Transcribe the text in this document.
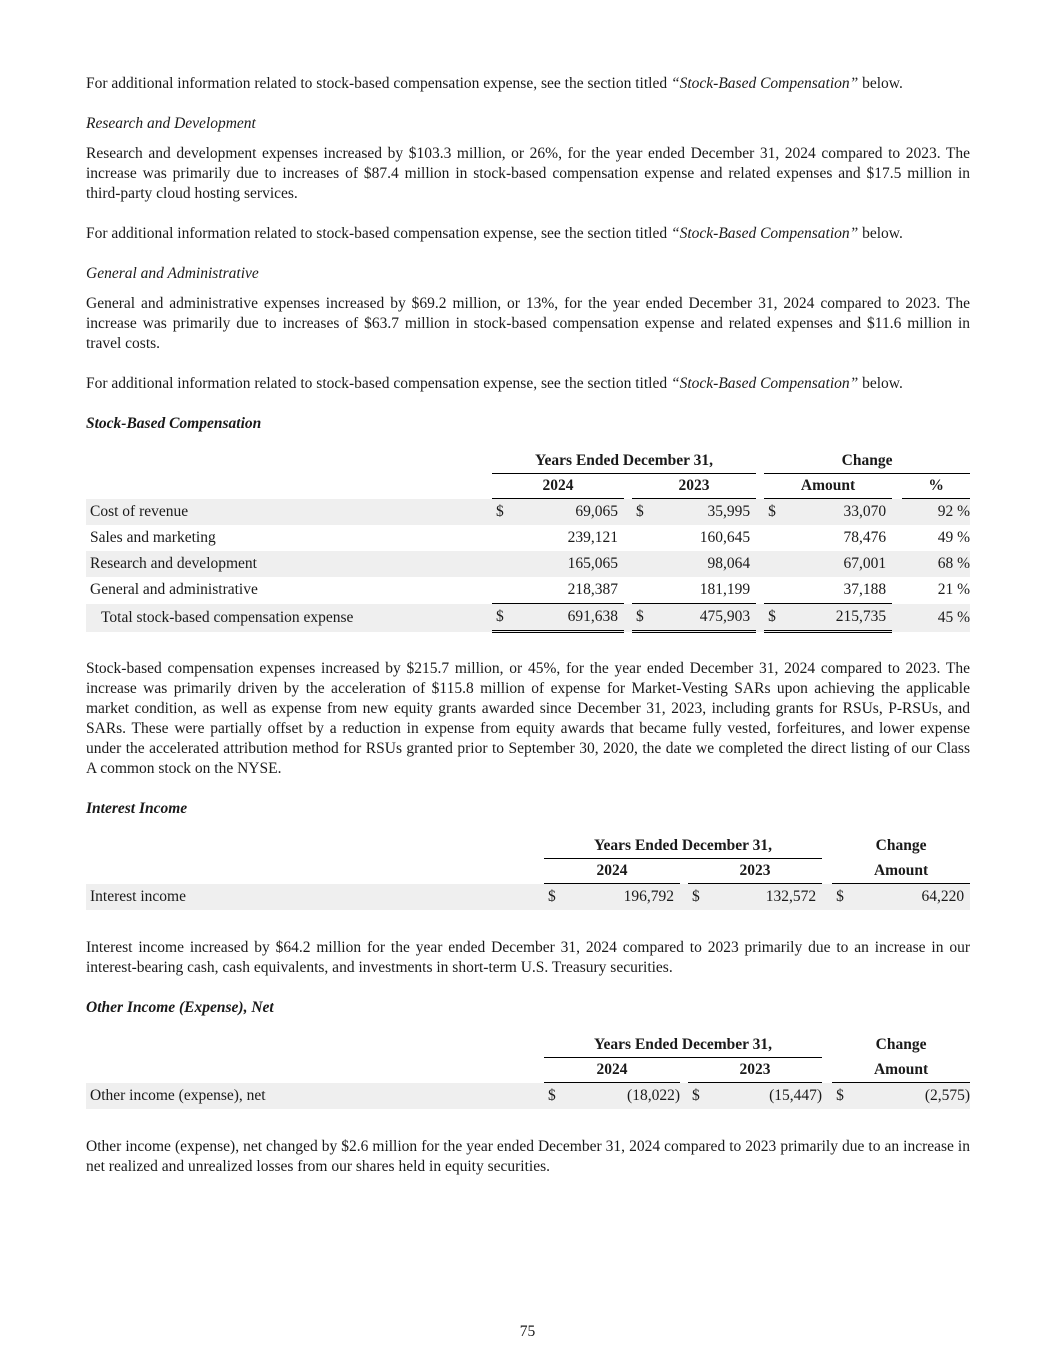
For additional information related to stock-based compensation expense, see the section titled “Stock-Based Compensation” below.

Research and Development

Research and development expenses increased by $103.3 million, or 26%, for the year ended December 31, 2024 compared to 2023. The increase was primarily due to increases of $87.4 million in stock-based compensation expense and related expenses and $17.5 million in third-party cloud hosting services.

For additional information related to stock-based compensation expense, see the section titled “Stock-Based Compensation” below.

General and Administrative

General and administrative expenses increased by $69.2 million, or 13%, for the year ended December 31, 2024 compared to 2023. The increase was primarily due to increases of $63.7 million in stock-based compensation expense and related expenses and $11.6 million in travel costs.

For additional information related to stock-based compensation expense, see the section titled “Stock-Based Compensation” below.

Stock-Based Compensation

	Years Ended December 31,						Change			
	2024			2023			Amount			%
Cost of revenue	$	69,065		$	35,995		$	33,070		92 %
Sales and marketing		239,121			160,645			78,476		49 %
Research and development		165,065			98,064			67,001		68 %
General and administrative		218,387			181,199			37,188		21 %
Total stock-based compensation expense	$	691,638		$	475,903		$	215,735		45 %

Stock-based compensation expenses increased by $215.7 million, or 45%, for the year ended December 31, 2024 compared to 2023. The increase was primarily driven by the acceleration of $115.8 million of expense for Market-Vesting SARs upon achieving the applicable market condition, as well as expense from new equity grants awarded since December 31, 2023, including grants for RSUs, P-RSUs, and SARs. These were partially offset by a reduction in expense from equity awards that became fully vested, forfeitures, and lower expense under the accelerated attribution method for RSUs granted prior to September 30, 2020, the date we completed the direct listing of our Class A common stock on the NYSE.

Interest Income

	Years Ended December 31,						Change	
	2024			2023			Amount	
Interest income	$	196,792		$	132,572		$	64,220

Interest income increased by $64.2 million for the year ended December 31, 2024 compared to 2023 primarily due to an increase in our interest-bearing cash, cash equivalents, and investments in short-term U.S. Treasury securities.

Other Income (Expense), Net

	Years Ended December 31,						Change	
	2024			2023			Amount	
Other income (expense), net	$	(18,022)		$	(15,447)		$	(2,575)

Other income (expense), net changed by $2.6 million for the year ended December 31, 2024 compared to 2023 primarily due to an increase in net realized and unrealized losses from our shares held in equity securities.

75
